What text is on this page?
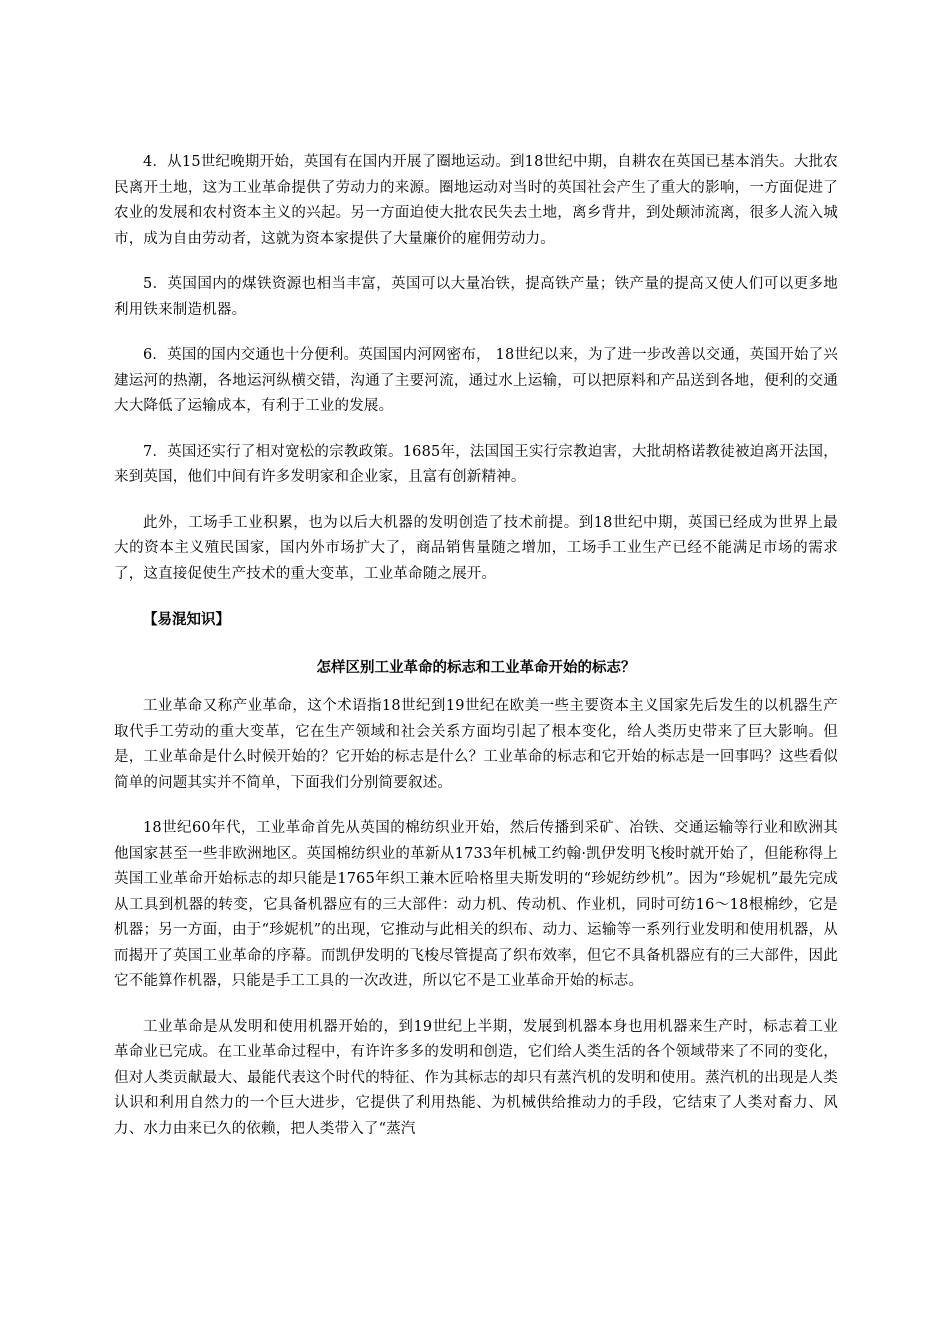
4．从15世纪晚期开始，英国有在国内开展了圈地运动。到18世纪中期，自耕农在英国已基本消失。大批农民离开土地，这为工业革命提供了劳动力的来源。圈地运动对当时的英国社会产生了重大的影响，一方面促进了农业的发展和农村资本主义的兴起。另一方面迫使大批农民失去土地，离乡背井，到处颠沛流离，很多人流入城市，成为自由劳动者，这就为资本家提供了大量廉价的雇佣劳动力。

5．英国国内的煤铁资源也相当丰富，英国可以大量冶铁，提高铁产量；铁产量的提高又使人们可以更多地利用铁来制造机器。

6．英国的国内交通也十分便利。英国国内河网密布， 18世纪以来，为了进一步改善以交通，英国开始了兴建运河的热潮，各地运河纵横交错，沟通了主要河流，通过水上运输，可以把原料和产品送到各地，便利的交通大大降低了运输成本，有利于工业的发展。

7．英国还实行了相对宽松的宗教政策。1685年，法国国王实行宗教迫害，大批胡格诺教徒被迫离开法国，来到英国，他们中间有许多发明家和企业家，且富有创新精神。

此外，工场手工业积累，也为以后大机器的发明创造了技术前提。到18世纪中期，英国已经成为世界上最大的资本主义殖民国家，国内外市场扩大了，商品销售量随之增加，工场手工业生产已经不能满足市场的需求了，这直接促使生产技术的重大变革，工业革命随之展开。

【易混知识】

怎样区别工业革命的标志和工业革命开始的标志？

工业革命又称产业革命，这个术语指18世纪到19世纪在欧美一些主要资本主义国家先后发生的以机器生产取代手工劳动的重大变革，它在生产领域和社会关系方面均引起了根本变化，给人类历史带来了巨大影响。但是，工业革命是什么时候开始的？它开始的标志是什么？工业革命的标志和它开始的标志是一回事吗？这些看似简单的问题其实并不简单，下面我们分别简要叙述。

18世纪60年代，工业革命首先从英国的棉纺织业开始，然后传播到采矿、冶铁、交通运输等行业和欧洲其他国家甚至一些非欧洲地区。英国棉纺织业的革新从1733年机械工约翰·凯伊发明飞梭时就开始了，但能称得上英国工业革命开始标志的却只能是1765年织工兼木匠哈格里夫斯发明的“珍妮纺纱机”。因为“珍妮机”最先完成从工具到机器的转变，它具备机器应有的三大部件：动力机、传动机、作业机，同时可纺16～18根棉纱，它是机器；另一方面，由于“珍妮机”的出现，它推动与此相关的织布、动力、运输等一系列行业发明和使用机器，从而揭开了英国工业革命的序幕。而凯伊发明的飞梭尽管提高了织布效率，但它不具备机器应有的三大部件，因此它不能算作机器，只能是手工工具的一次改进，所以它不是工业革命开始的标志。

工业革命是从发明和使用机器开始的，到19世纪上半期，发展到机器本身也用机器来生产时，标志着工业革命业已完成。在工业革命过程中，有许许多多的发明和创造，它们给人类生活的各个领域带来了不同的变化，但对人类贡献最大、最能代表这个时代的特征、作为其标志的却只有蒸汽机的发明和使用。蒸汽机的出现是人类认识和利用自然力的一个巨大进步，它提供了利用热能、为机械供给推动力的手段，它结束了人类对畜力、风力、水力由来已久的依赖，把人类带入了“蒸汽
